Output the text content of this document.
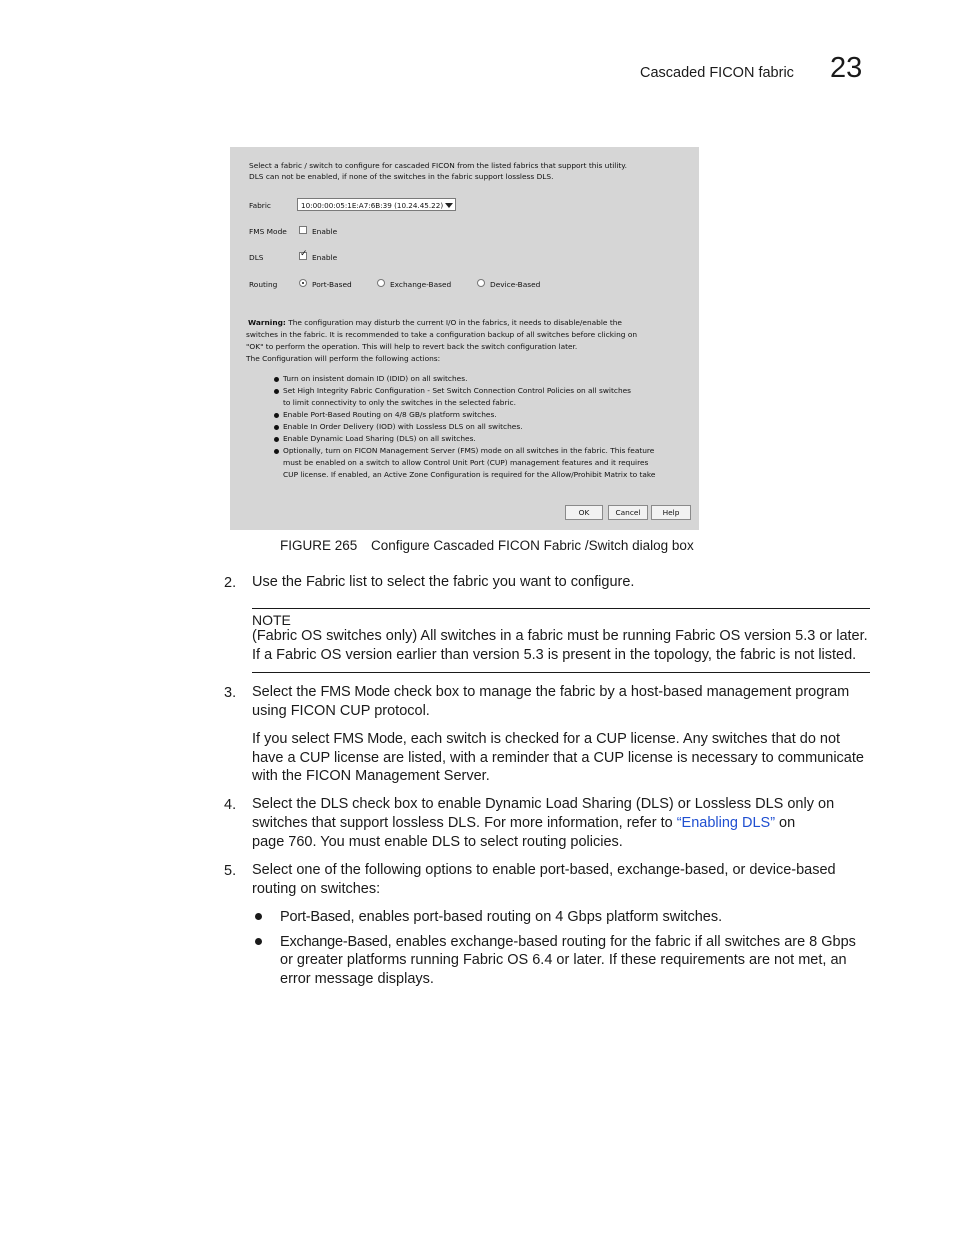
Cascaded FICON fabric 23
Select a fabric / switch to configure for cascaded FICON from the listed fabrics that support this utility.
DLS can not be enabled, if none of the switches in the fabric support lossless DLS.
Fabric	10:00:00:05:1E:A7:6B:39 (10.24.45.22)
FMS Mode	Enable
DLS	✓ Enable
Routing	Port-Based	Exchange-Based	Device-Based
Warning: The configuration may disturb the current I/O in the fabrics, it needs to disable/enable the
switches in the fabric. It is recommended to take a configuration backup of all switches before clicking on
"OK" to perform the operation. This will help to revert back the switch configuration later.
The Configuration will perform the following actions:
Turn on insistent domain ID (IDID) on all switches.
Set High Integrity Fabric Configuration - Set Switch Connection Control Policies on all switches
to limit connectivity to only the switches in the selected fabric.
Enable Port-Based Routing on 4/8 GB/s platform switches.
Enable In Order Delivery (IOD) with Lossless DLS on all switches.
Enable Dynamic Load Sharing (DLS) on all switches.
Optionally, turn on FICON Management Server (FMS) mode on all switches in the fabric. This feature
must be enabled on a switch to allow Control Unit Port (CUP) management features and it requires
CUP license. If enabled, an Active Zone Configuration is required for the Allow/Prohibit Matrix to take
OK	Cancel	Help
FIGURE 265 Configure Cascaded FICON Fabric /Switch dialog box
2. Use the Fabric list to select the fabric you want to configure.
NOTE
(Fabric OS switches only) All switches in a fabric must be running Fabric OS version 5.3 or later.
If a Fabric OS version earlier than version 5.3 is present in the topology, the fabric is not listed.
3. Select the FMS Mode check box to manage the fabric by a host-based management program
using FICON CUP protocol.
If you select FMS Mode, each switch is checked for a CUP license. Any switches that do not
have a CUP license are listed, with a reminder that a CUP license is necessary to communicate
with the FICON Management Server.
4. Select the DLS check box to enable Dynamic Load Sharing (DLS) or Lossless DLS only on
switches that support lossless DLS. For more information, refer to “Enabling DLS” on
page 760. You must enable DLS to select routing policies.
5. Select one of the following options to enable port-based, exchange-based, or device-based
routing on switches:
Port-Based, enables port-based routing on 4 Gbps platform switches.
Exchange-Based, enables exchange-based routing for the fabric if all switches are 8 Gbps
or greater platforms running Fabric OS 6.4 or later. If these requirements are not met, an
error message displays.
